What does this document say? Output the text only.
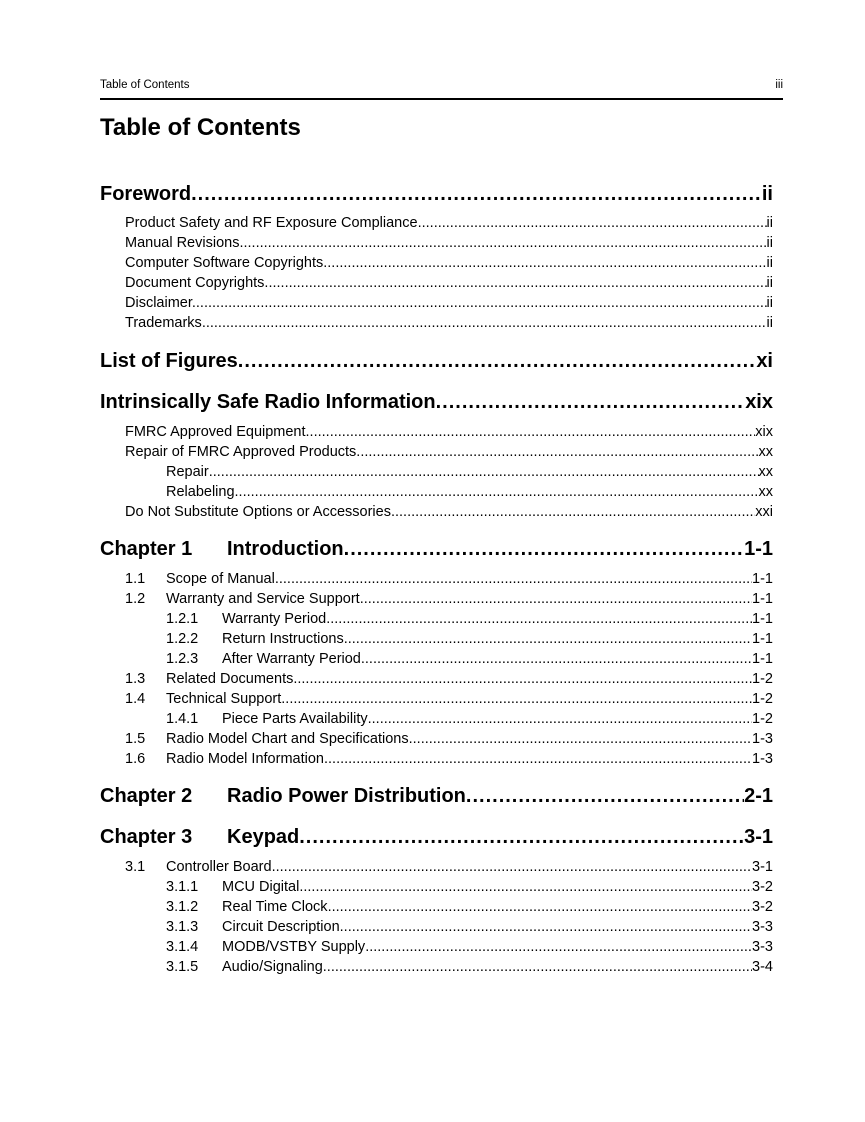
Table of Contents	iii
Table of Contents
Foreword .....	ii
Product Safety and RF Exposure Compliance .....	ii
Manual Revisions .....	ii
Computer Software Copyrights .....	ii
Document Copyrights .....	ii
Disclaimer. .....	ii
Trademarks .....	ii
List of Figures .....	xi
Intrinsically Safe Radio Information .....	xix
FMRC Approved Equipment .....	xix
Repair of FMRC Approved Products .....	xx
Repair .....	xx
Relabeling .....	xx
Do Not Substitute Options or Accessories .....	xxi
Chapter 1	Introduction .....	1-1
1.1	Scope of Manual .....	1-1
1.2	Warranty and Service Support .....	1-1
1.2.1	Warranty Period .....	1-1
1.2.2	Return Instructions .....	1-1
1.2.3	After Warranty Period .....	1-1
1.3	Related Documents .....	1-2
1.4	Technical Support .....	1-2
1.4.1	Piece Parts Availability .....	1-2
1.5	Radio Model Chart and Specifications .....	1-3
1.6	Radio Model Information .....	1-3
Chapter 2	Radio Power Distribution .....	2-1
Chapter 3	Keypad .....	3-1
3.1	Controller Board .....	3-1
3.1.1	MCU Digital .....	3-2
3.1.2	Real Time Clock .....	3-2
3.1.3	Circuit Description .....	3-3
3.1.4	MODB/VSTBY Supply .....	3-3
3.1.5	Audio/Signaling .....	3-4
